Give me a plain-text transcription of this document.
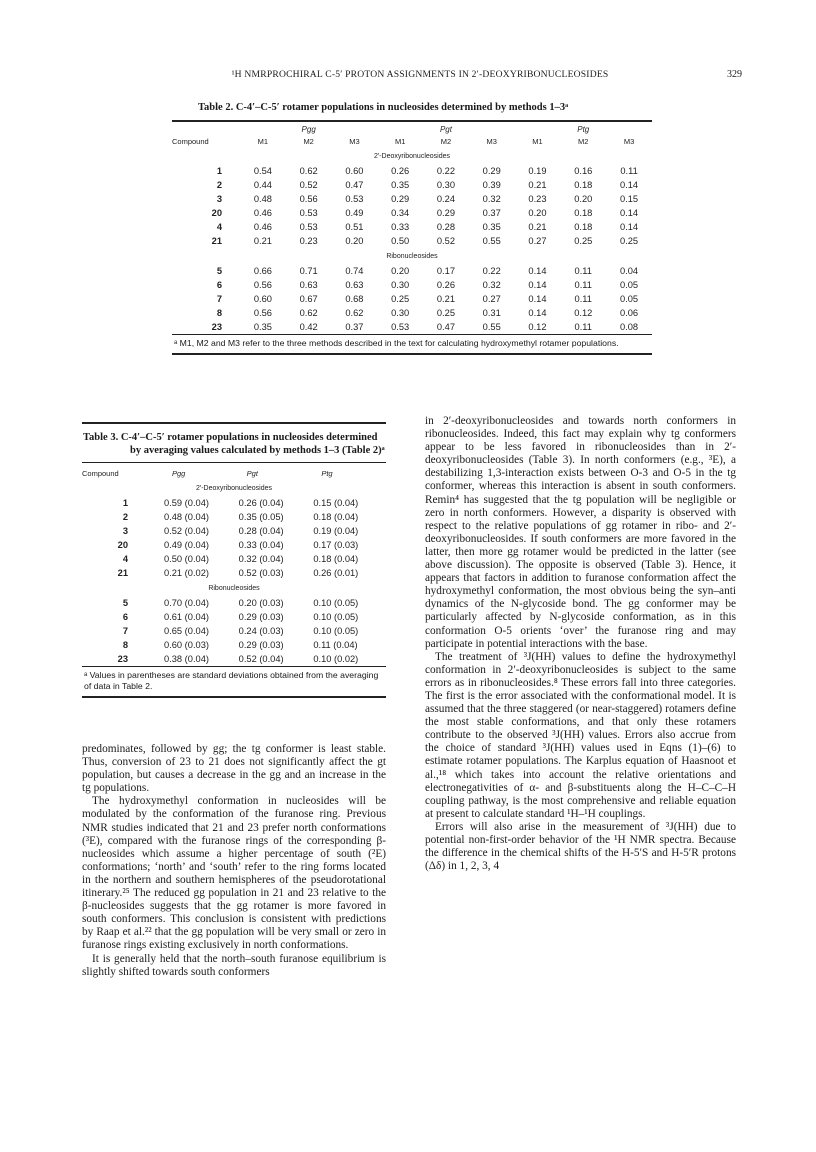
¹H NMRPROCHIRAL C-5′ PROTON ASSIGNMENTS IN 2′-DEOXYRIBONUCLEOSIDES	329
Table 2. C-4′–C-5′ rotamer populations in nucleosides determined by methods 1–3ᵃ
		Pgg			Pgt			Ptg	
Compound	M1	M2	M3	M1	M2	M3	M1	M2	M3
2′-Deoxyribonucleosides									
1	0.54	0.62	0.60	0.26	0.22	0.29	0.19	0.16	0.11
2	0.44	0.52	0.47	0.35	0.30	0.39	0.21	0.18	0.14
3	0.48	0.56	0.53	0.29	0.24	0.32	0.23	0.20	0.15
20	0.46	0.53	0.49	0.34	0.29	0.37	0.20	0.18	0.14
4	0.46	0.53	0.51	0.33	0.28	0.35	0.21	0.18	0.14
21	0.21	0.23	0.20	0.50	0.52	0.55	0.27	0.25	0.25
Ribonucleosides									
5	0.66	0.71	0.74	0.20	0.17	0.22	0.14	0.11	0.04
6	0.56	0.63	0.63	0.30	0.26	0.32	0.14	0.11	0.05
7	0.60	0.67	0.68	0.25	0.21	0.27	0.14	0.11	0.05
8	0.56	0.62	0.62	0.30	0.25	0.31	0.14	0.12	0.06
23	0.35	0.42	0.37	0.53	0.47	0.55	0.12	0.11	0.08
ᵃ M1, M2 and M3 refer to the three methods described in the text for calculating hydroxymethyl rotamer populations.
Table 3. C-4′–C-5′ rotamer populations in nucleosides determined by averaging values calculated by methods 1–3 (Table 2)ᵃ
Compound	Pgg	Pgt	Ptg
2′-Deoxyribonucleosides			
1	0.59 (0.04)	0.26 (0.04)	0.15 (0.04)
2	0.48 (0.04)	0.35 (0.05)	0.18 (0.04)
3	0.52 (0.04)	0.28 (0.04)	0.19 (0.04)
20	0.49 (0.04)	0.33 (0.04)	0.17 (0.03)
4	0.50 (0.04)	0.32 (0.04)	0.18 (0.04)
21	0.21 (0.02)	0.52 (0.03)	0.26 (0.01)
Ribonucleosides			
5	0.70 (0.04)	0.20 (0.03)	0.10 (0.05)
6	0.61 (0.04)	0.29 (0.03)	0.10 (0.05)
7	0.65 (0.04)	0.24 (0.03)	0.10 (0.05)
8	0.60 (0.03)	0.29 (0.03)	0.11 (0.04)
23	0.38 (0.04)	0.52 (0.04)	0.10 (0.02)
ᵃ Values in parentheses are standard deviations obtained from the averaging of data in Table 2.

predominates, followed by gg; the tg conformer is least stable. Thus, conversion of 23 to 21 does not significantly affect the gt population, but causes a decrease in the gg and an increase in the tg populations.

The hydroxymethyl conformation in nucleosides will be modulated by the conformation of the furanose ring. Previous NMR studies indicated that 21 and 23 prefer north conformations (³E), compared with the furanose rings of the corresponding β-nucleosides which assume a higher percentage of south (²E) conformations; ‘north’ and ‘south’ refer to the ring forms located in the northern and southern hemispheres of the pseudorotational itinerary.²⁵ The reduced gg population in 21 and 23 relative to the β-nucleosides suggests that the gg rotamer is more favored in south conformers. This conclusion is consistent with predictions by Raap et al.²² that the gg population will be very small or zero in furanose rings existing exclusively in north conformations.

It is generally held that the north–south furanose equilibrium is slightly shifted towards south conformers

in 2′-deoxyribonucleosides and towards north conformers in ribonucleosides. Indeed, this fact may explain why tg conformers appear to be less favored in ribonucleosides than in 2′-deoxyribonucleosides (Table 3). In north conformers (e.g., ³E), a destabilizing 1,3-interaction exists between O-3 and O-5 in the tg conformer, whereas this interaction is absent in south conformers. Remin⁴ has suggested that the tg population will be negligible or zero in north conformers. However, a disparity is observed with respect to the relative populations of gg rotamer in ribo- and 2′-deoxyribonucleosides. If south conformers are more favored in the latter, then more gg rotamer would be predicted in the latter (see above discussion). The opposite is observed (Table 3). Hence, it appears that factors in addition to furanose conformation affect the hydroxymethyl conformation, the most obvious being the syn–anti dynamics of the N-glycoside bond. The gg conformer may be particularly affected by N-glycoside conformation, as in this conformation O-5 orients ‘over’ the furanose ring and may participate in potential interactions with the base.

The treatment of ³J(HH) values to define the hydroxymethyl conformation in 2′-deoxyribonucleosides is subject to the same errors as in ribonucleosides.⁸ These errors fall into three categories. The first is the error associated with the conformational model. It is assumed that the three staggered (or near-staggered) rotamers define the most stable conformations, and that only these rotamers contribute to the observed ³J(HH) values. Errors also accrue from the choice of standard ³J(HH) values used in Eqns (1)–(6) to estimate rotamer populations. The Karplus equation of Haasnoot et al.,¹⁸ which takes into account the relative orientations and electronegativities of α- and β-substituents along the H–C–C–H coupling pathway, is the most comprehensive and reliable equation at present to calculate standard ¹H–¹H couplings.

Errors will also arise in the measurement of ³J(HH) due to potential non-first-order behavior of the ¹H NMR spectra. Because the difference in the chemical shifts of the H-5′S and H-5′R protons (Δδ) in 1, 2, 3, 4
